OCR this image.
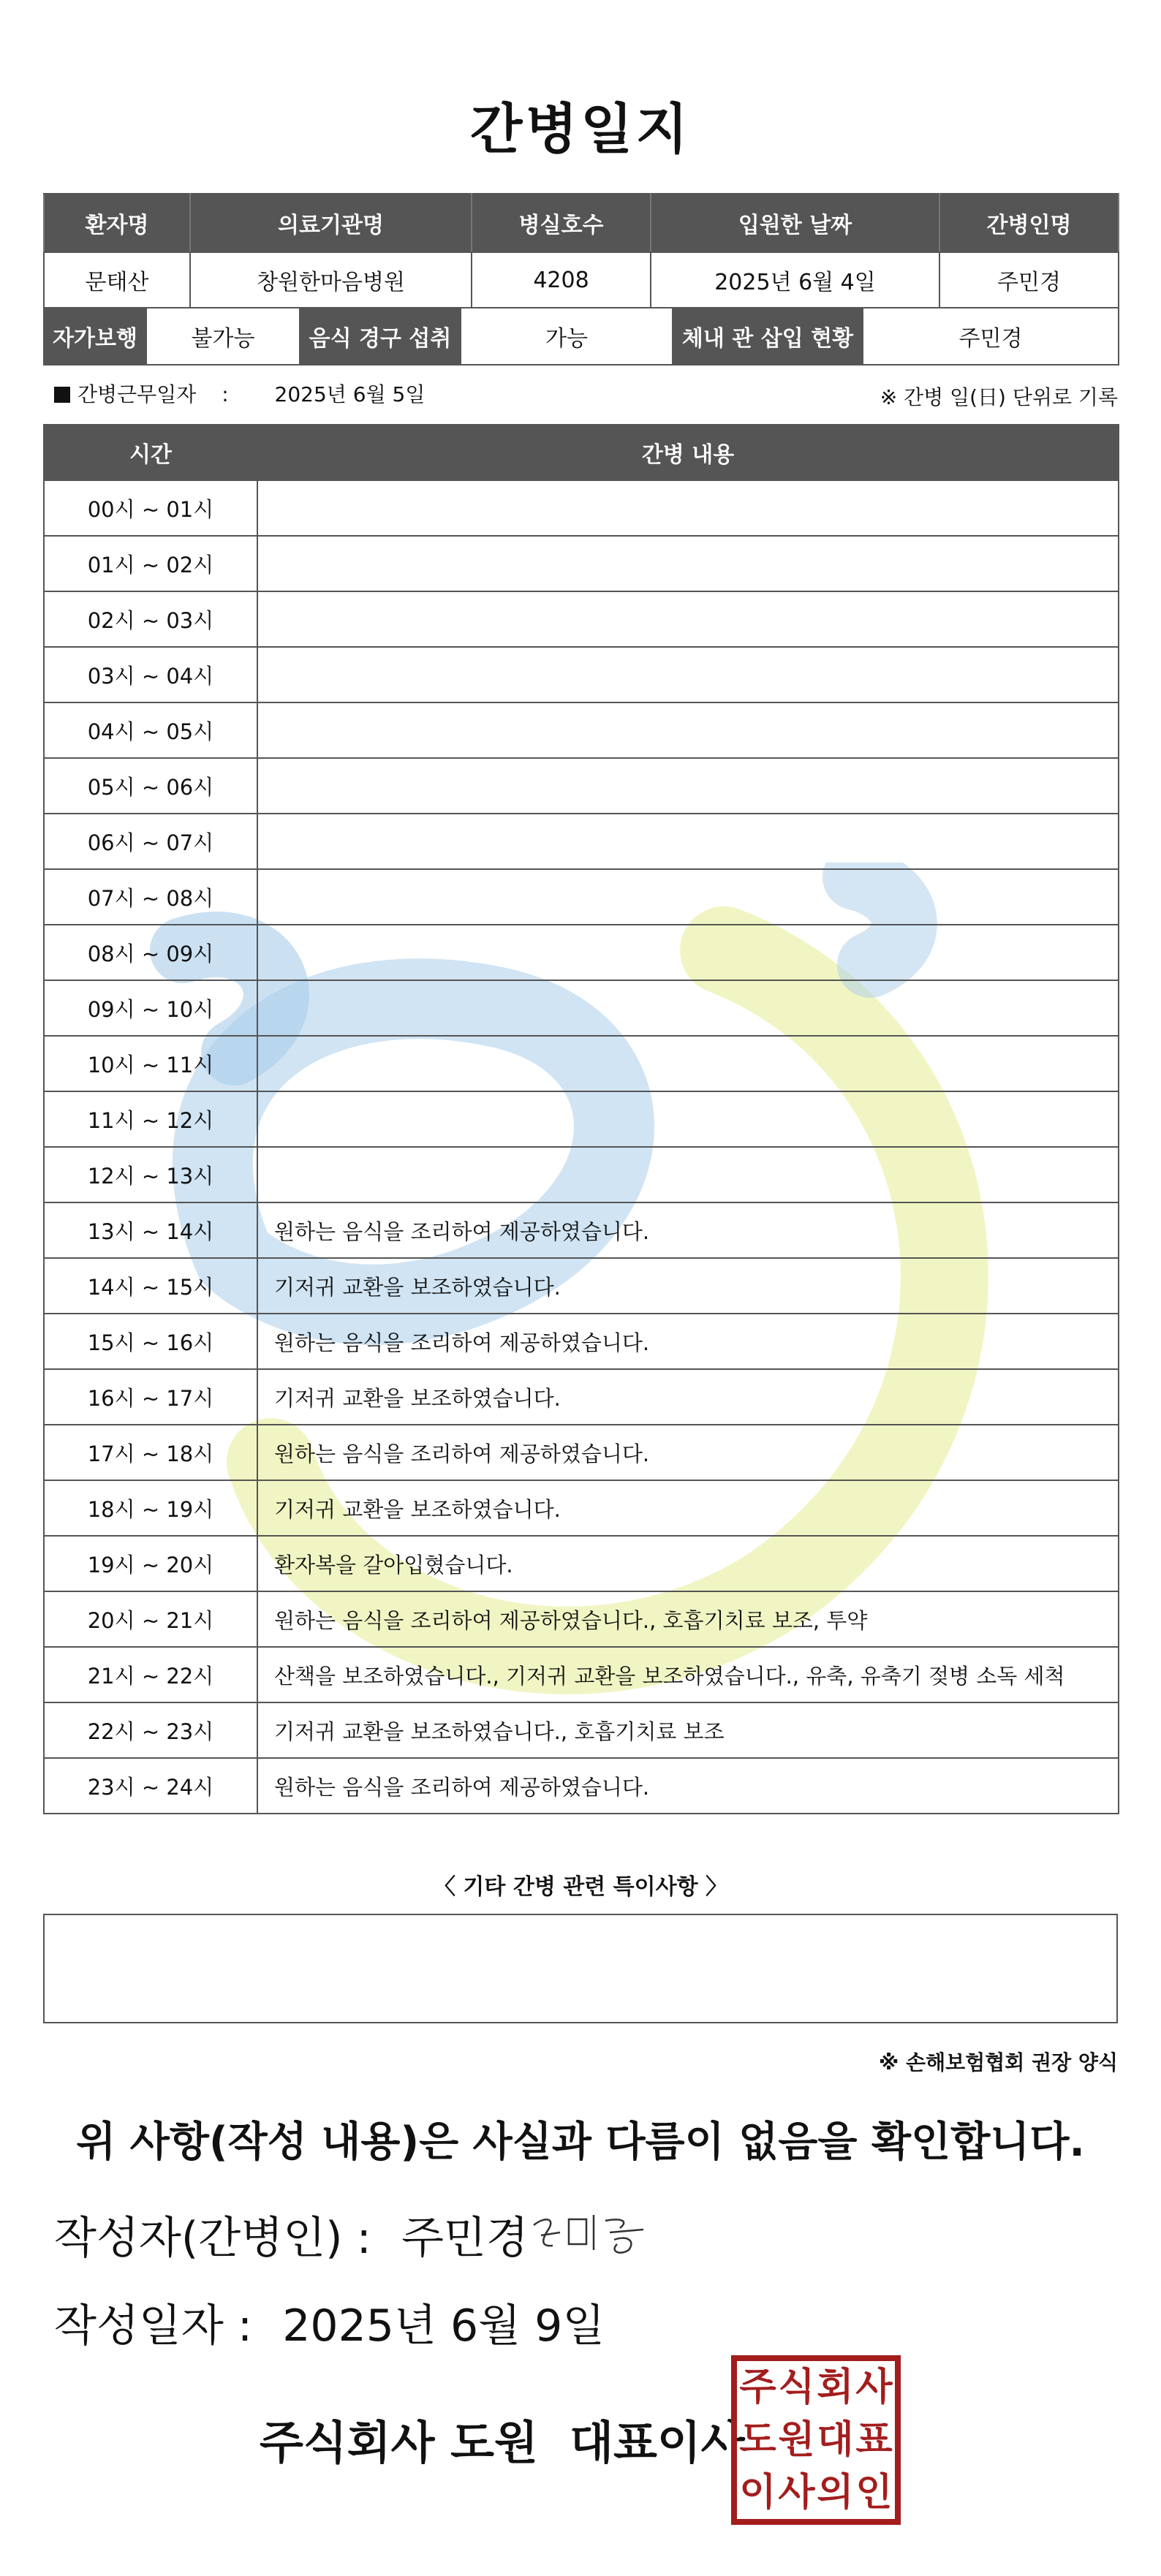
간병일지
환자명	의료기관명	병실호수	입원한 날짜	간병인명
문태산	창원한마음병원	4208	2025년 6월 4일	주민경
자가보행	불가능	음식 경구 섭취	가능	체내 관 삽입 현황	주민경
간병근무일자 : 2025년 6월 5일	※ 간병 일(日) 단위로 기록
시간	간병 내용
00시 ~ 01시	
01시 ~ 02시	
02시 ~ 03시	
03시 ~ 04시	
04시 ~ 05시	
05시 ~ 06시	
06시 ~ 07시	
07시 ~ 08시	
08시 ~ 09시	
09시 ~ 10시	
10시 ~ 11시	
11시 ~ 12시	
12시 ~ 13시	
13시 ~ 14시	원하는 음식을 조리하여 제공하였습니다.
14시 ~ 15시	기저귀 교환을 보조하였습니다.
15시 ~ 16시	원하는 음식을 조리하여 제공하였습니다.
16시 ~ 17시	기저귀 교환을 보조하였습니다.
17시 ~ 18시	원하는 음식을 조리하여 제공하였습니다.
18시 ~ 19시	기저귀 교환을 보조하였습니다.
19시 ~ 20시	환자복을 갈아입혔습니다.
20시 ~ 21시	원하는 음식을 조리하여 제공하였습니다., 호흡기치료 보조, 투약
21시 ~ 22시	산책을 보조하였습니다., 기저귀 교환을 보조하였습니다., 유축, 유축기 젖병 소독 세척
22시 ~ 23시	기저귀 교환을 보조하였습니다., 호흡기치료 보조
23시 ~ 24시	원하는 음식을 조리하여 제공하였습니다.
〈 기타 간병 관련 특이사항 〉
※ 손해보험협회 권장 양식
위 사항(작성 내용)은 사실과 다름이 없음을 확인합니다.
작성자(간병인) : 주민경
작성일자 : 2025년 6월 9일
주식회사 도원  대표이사
주 식 회 사
도 원 대 표
이 사 의 인
